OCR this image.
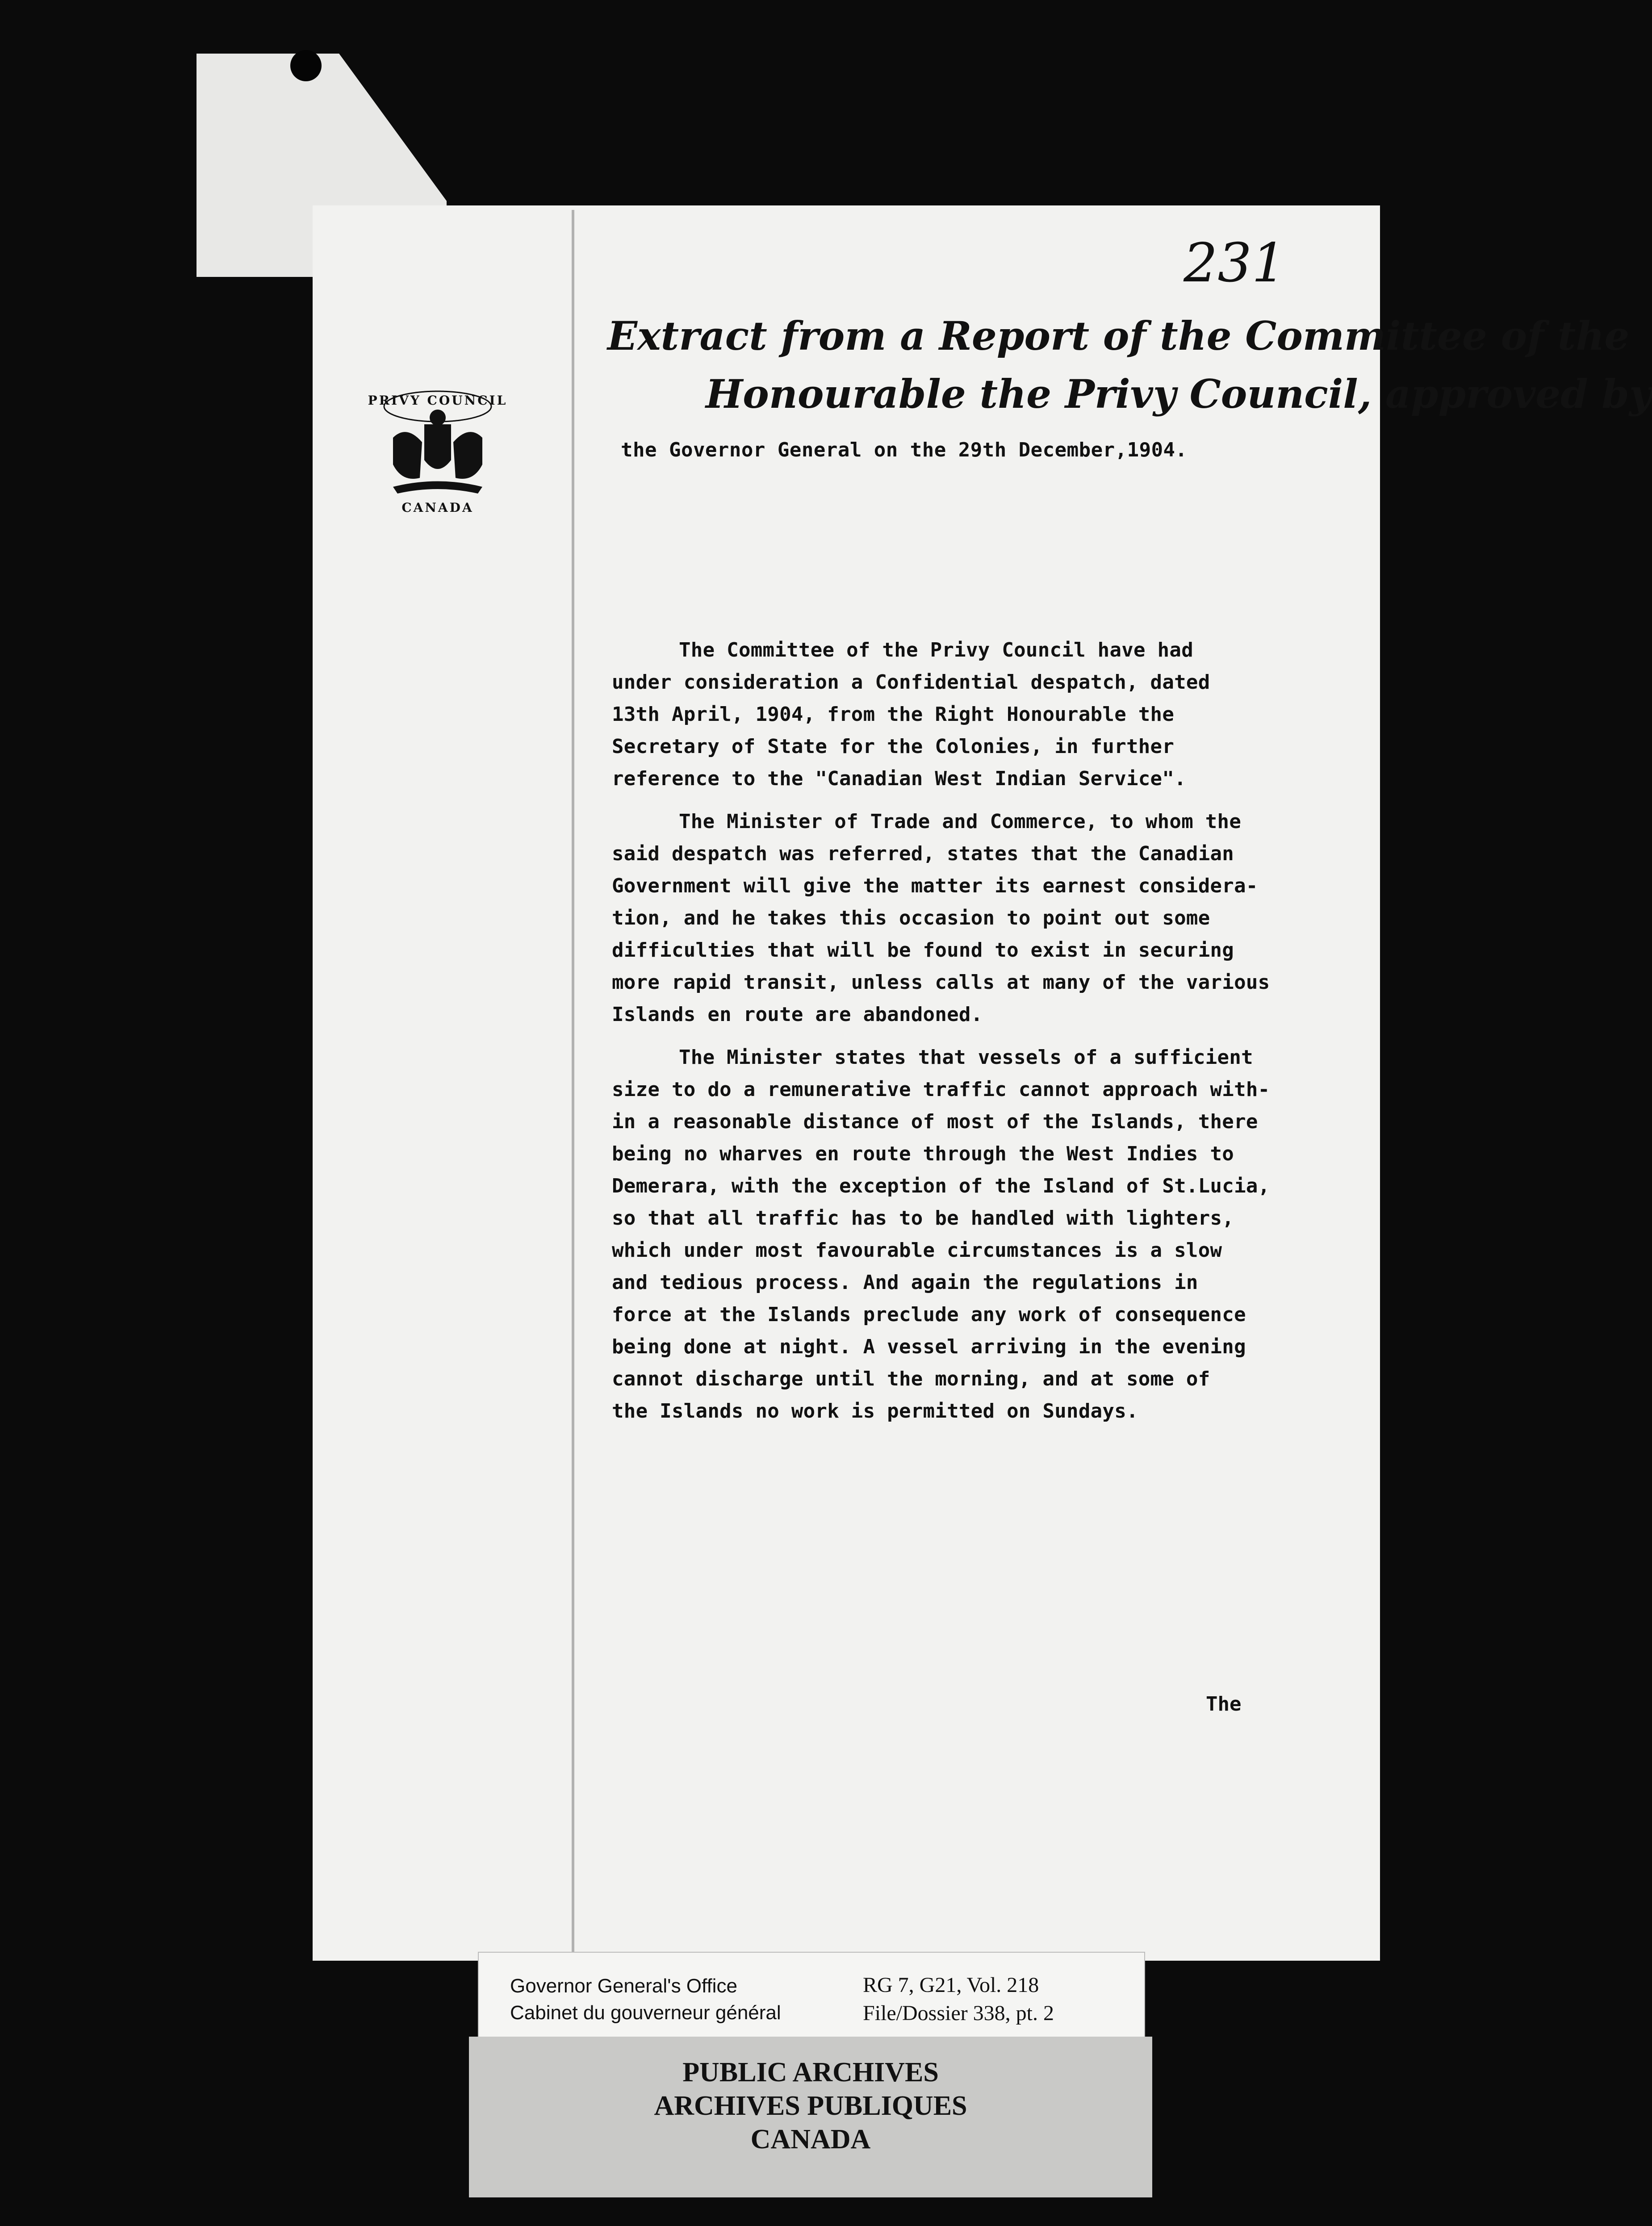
231
PRIVY COUNCIL
CANADA
Extract from a Report of the Committee of the
Honourable the Privy Council, approved by
the Governor General on the 29th December,1904.
The Committee of the Privy Council have had
under consideration a Confidential despatch, dated
13th April, 1904, from the Right Honourable the
Secretary of State for the Colonies, in further
reference to the "Canadian West Indian Service".
The Minister of Trade and Commerce, to whom the
said despatch was referred, states that the Canadian
Government will give the matter its earnest considera-
tion, and he takes this occasion to point out some
difficulties that will be found to exist in securing
more rapid transit, unless calls at many of the various
Islands en route are abandoned.
The Minister states that vessels of a sufficient
size to do a remunerative traffic cannot approach with-
in a reasonable distance of most of the Islands, there
being no wharves en route through the West Indies to
Demerara, with the exception of the Island of St.Lucia,
so that all traffic has to be handled with lighters,
which under most favourable circumstances is a slow
and tedious process. And again the regulations in
force at the Islands preclude any work of consequence
being done at night. A vessel arriving in the evening
cannot discharge until the morning, and at some of
the Islands no work is permitted on Sundays.
The
Governor General's Office
Cabinet du gouverneur général
RG 7, G21, Vol. 218
File/Dossier 338, pt. 2
PUBLIC ARCHIVES
ARCHIVES PUBLIQUES
CANADA
